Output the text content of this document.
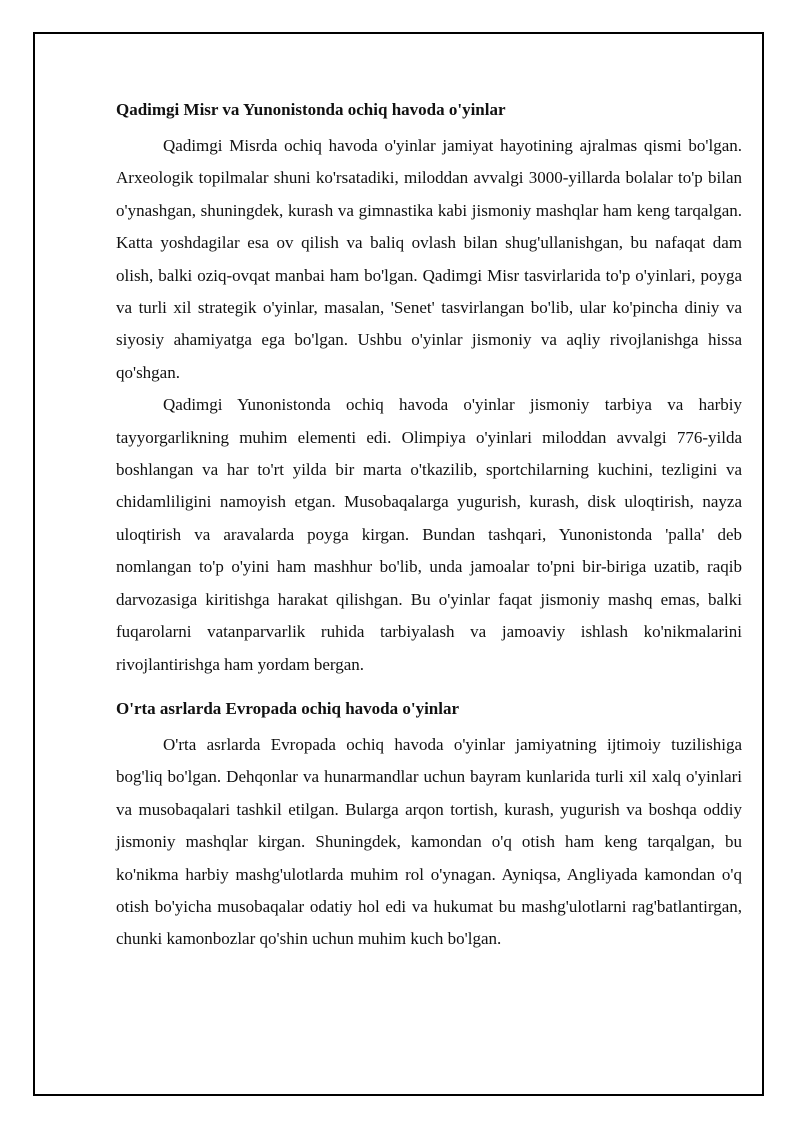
Qadimgi Misr va Yunonistonda ochiq havoda o'yinlar

Qadimgi Misrda ochiq havoda o'yinlar jamiyat hayotining ajralmas qismi bo'lgan. Arxeologik topilmalar shuni ko'rsatadiki, miloddan avvalgi 3000-yillarda bolalar to'p bilan o'ynashgan, shuningdek, kurash va gimnastika kabi jismoniy mashqlar ham keng tarqalgan. Katta yoshdagilar esa ov qilish va baliq ovlash bilan shug'ullanishgan, bu nafaqat dam olish, balki oziq-ovqat manbai ham bo'lgan. Qadimgi Misr tasvirlarida to'p o'yinlari, poyga va turli xil strategik o'yinlar, masalan, 'Senet' tasvirlangan bo'lib, ular ko'pincha diniy va siyosiy ahamiyatga ega bo'lgan. Ushbu o'yinlar jismoniy va aqliy rivojlanishga hissa qo'shgan.

Qadimgi Yunonistonda ochiq havoda o'yinlar jismoniy tarbiya va harbiy tayyorgarlikning muhim elementi edi. Olimpiya o'yinlari miloddan avvalgi 776-yilda boshlangan va har to'rt yilda bir marta o'tkazilib, sportchilarning kuchini, tezligini va chidamliligini namoyish etgan. Musobaqalarga yugurish, kurash, disk uloqtirish, nayza uloqtirish va aravalarda poyga kirgan. Bundan tashqari, Yunonistonda 'palla' deb nomlangan to'p o'yini ham mashhur bo'lib, unda jamoalar to'pni bir-biriga uzatib, raqib darvozasiga kiritishga harakat qilishgan. Bu o'yinlar faqat jismoniy mashq emas, balki fuqarolarni vatanparvarlik ruhida tarbiyalash va jamoaviy ishlash ko'nikmalarini rivojlantirishga ham yordam bergan.

O'rta asrlarda Evropada ochiq havoda o'yinlar

O'rta asrlarda Evropada ochiq havoda o'yinlar jamiyatning ijtimoiy tuzilishiga bog'liq bo'lgan. Dehqonlar va hunarmandlar uchun bayram kunlarida turli xil xalq o'yinlari va musobaqalari tashkil etilgan. Bularga arqon tortish, kurash, yugurish va boshqa oddiy jismoniy mashqlar kirgan. Shuningdek, kamondan o'q otish ham keng tarqalgan, bu ko'nikma harbiy mashg'ulotlarda muhim rol o'ynagan. Ayniqsa, Angliyada kamondan o'q otish bo'yicha musobaqalar odatiy hol edi va hukumat bu mashg'ulotlarni rag'batlantirgan, chunki kamonbozlar qo'shin uchun muhim kuch bo'lgan.
